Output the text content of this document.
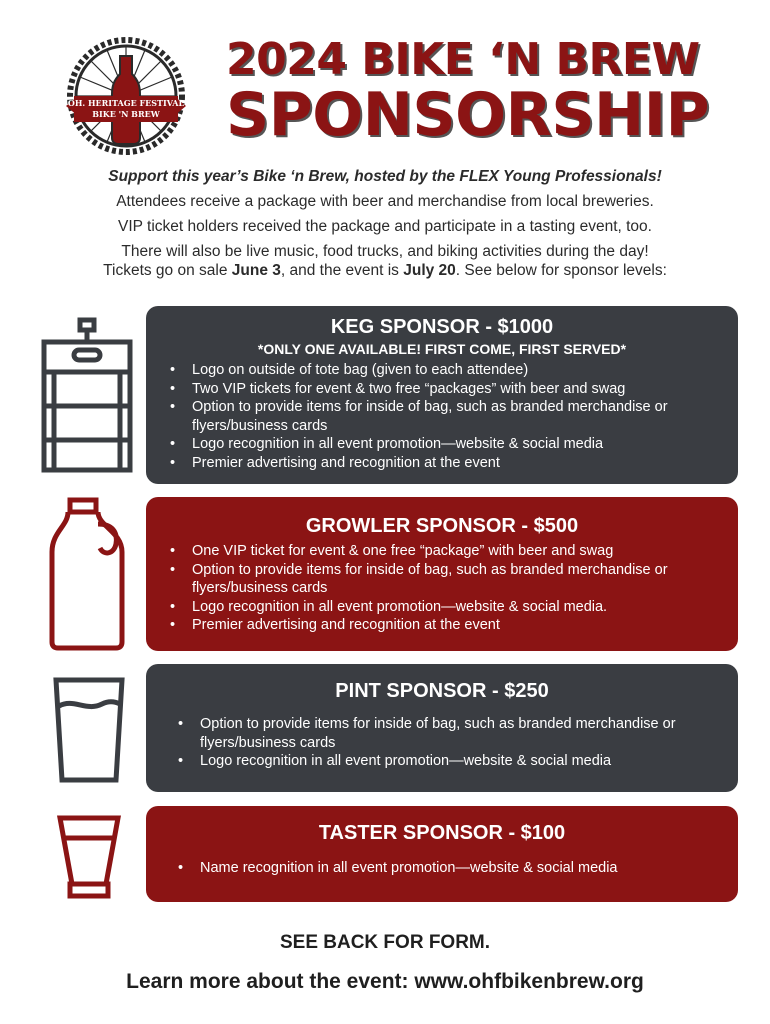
OH. HERITAGE FESTIVAL
BIKE 'N BREW
2024 BIKE ‘N BREW
SPONSORSHIP
Support this year’s Bike ‘n Brew, hosted by the FLEX Young Professionals!
Attendees receive a package with beer and merchandise from local breweries.
VIP ticket holders received the package and participate in a tasting event, too.
There will also be live music, food trucks, and biking activities during the day!
Tickets go on sale June 3, and the event is July 20. See below for sponsor levels:
KEG SPONSOR - $1000
*ONLY ONE AVAILABLE! FIRST COME, FIRST SERVED*
• Logo on outside of tote bag (given to each attendee)
• Two VIP tickets for event & two free “packages” with beer and swag
• Option to provide items for inside of bag, such as branded merchandise or flyers/business cards
• Logo recognition in all event promotion—website & social media
• Premier advertising and recognition at the event
GROWLER SPONSOR - $500
• One VIP ticket for event & one free “package” with beer and swag
• Option to provide items for inside of bag, such as branded merchandise or flyers/business cards
• Logo recognition in all event promotion—website & social media.
• Premier advertising and recognition at the event
PINT SPONSOR - $250
• Option to provide items for inside of bag, such as branded merchandise or flyers/business cards
• Logo recognition in all event promotion—website & social media
TASTER SPONSOR - $100
• Name recognition in all event promotion—website & social media
SEE BACK FOR FORM.
Learn more about the event: www.ohfbikenbrew.org
